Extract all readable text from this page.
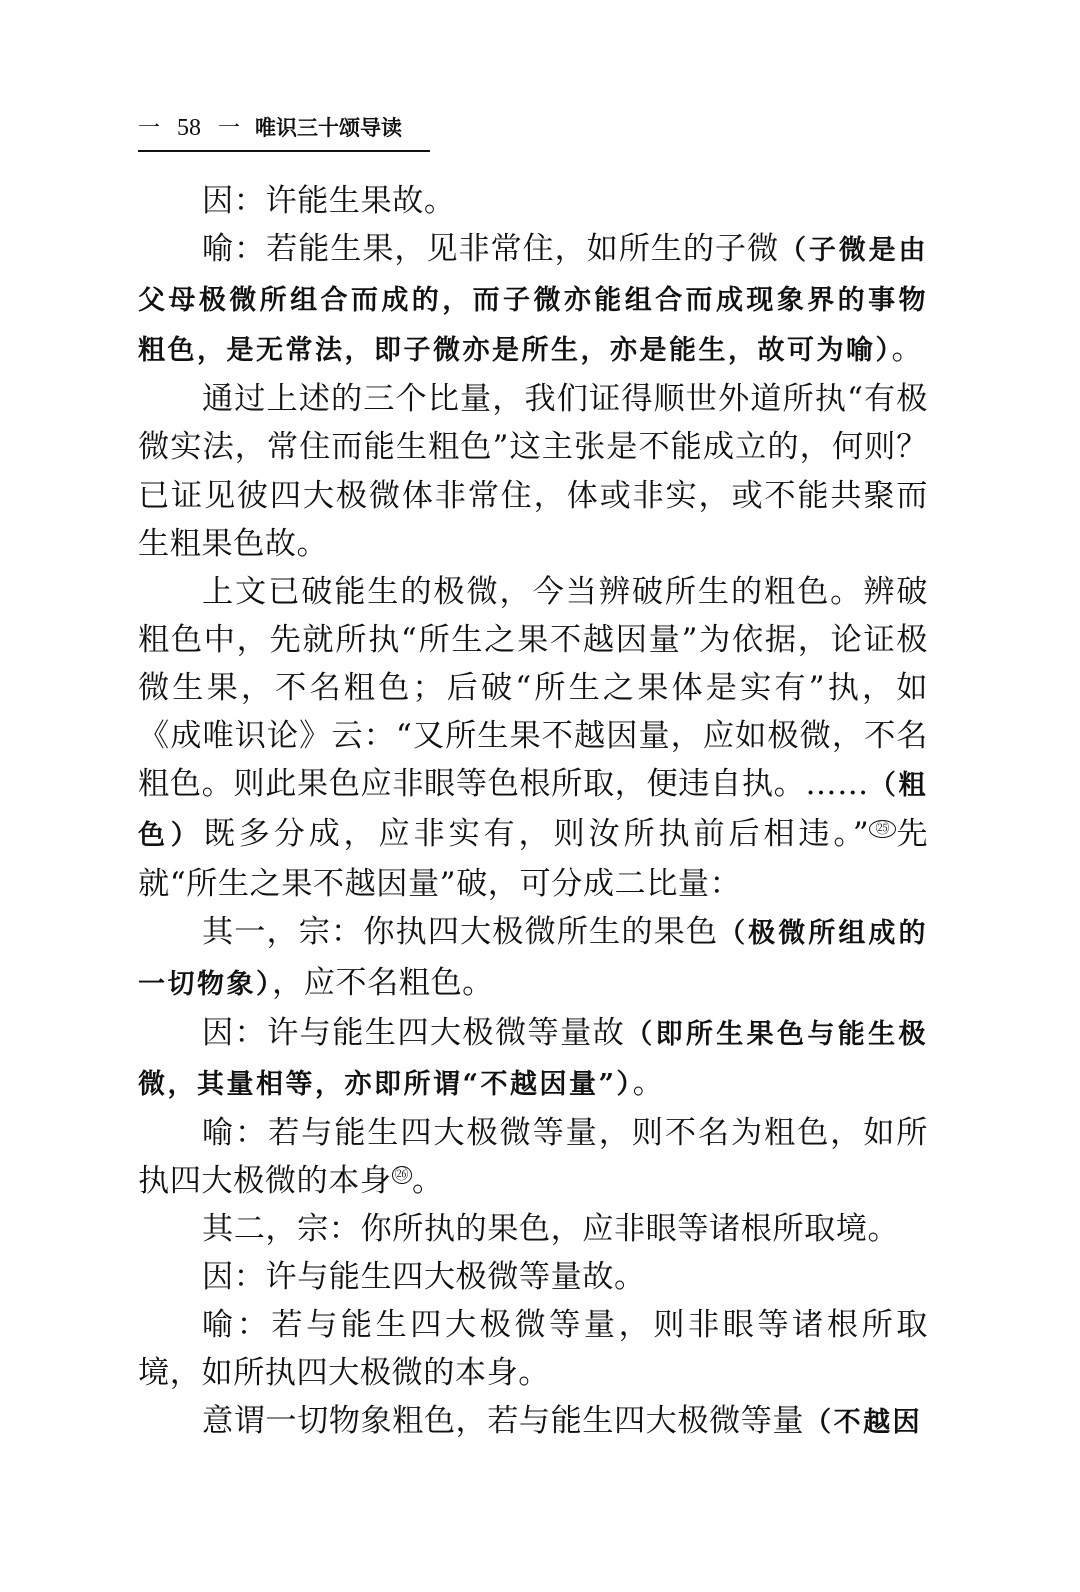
一 58 一 唯识三十颂导读

因：许能生果故。

喻：若能生果，见非常住，如所生的子微（子微是由父母极微所组合而成的，而子微亦能组合而成现象界的事物粗色，是无常法，即子微亦是所生，亦是能生，故可为喻）。

通过上述的三个比量，我们证得顺世外道所执“有极微实法，常住而能生粗色”这主张是不能成立的，何则？已证见彼四大极微体非常住，体或非实，或不能共聚而生粗果色故。

上文已破能生的极微，今当辨破所生的粗色。辨破粗色中，先就所执“所生之果不越因量”为依据，论证极微生果，不名粗色；后破“所生之果体是实有”执，如《成唯识论》云：“又所生果不越因量，应如极微，不名粗色。则此果色应非眼等色根所取，便违自执。……（粗色）既多分成，应非实有，则汝所执前后相违。” $^㉕$先就“所生之果不越因量”破，可分成二比量：

其一，宗：你执四大极微所生的果色（极微所组成的一切物象），应不名粗色。

因：许与能生四大极微等量故（即所生果色与能生极微，其量相等，亦即所谓“不越因量”）。

喻：若与能生四大极微等量，则不名为粗色，如所执四大极微的本身 $^㉖$。

其二，宗：你所执的果色，应非眼等诸根所取境。

因：许与能生四大极微等量故。

喻：若与能生四大极微等量，则非眼等诸根所取境，如所执四大极微的本身。

意谓一切物象粗色，若与能生四大极微等量（不越因
